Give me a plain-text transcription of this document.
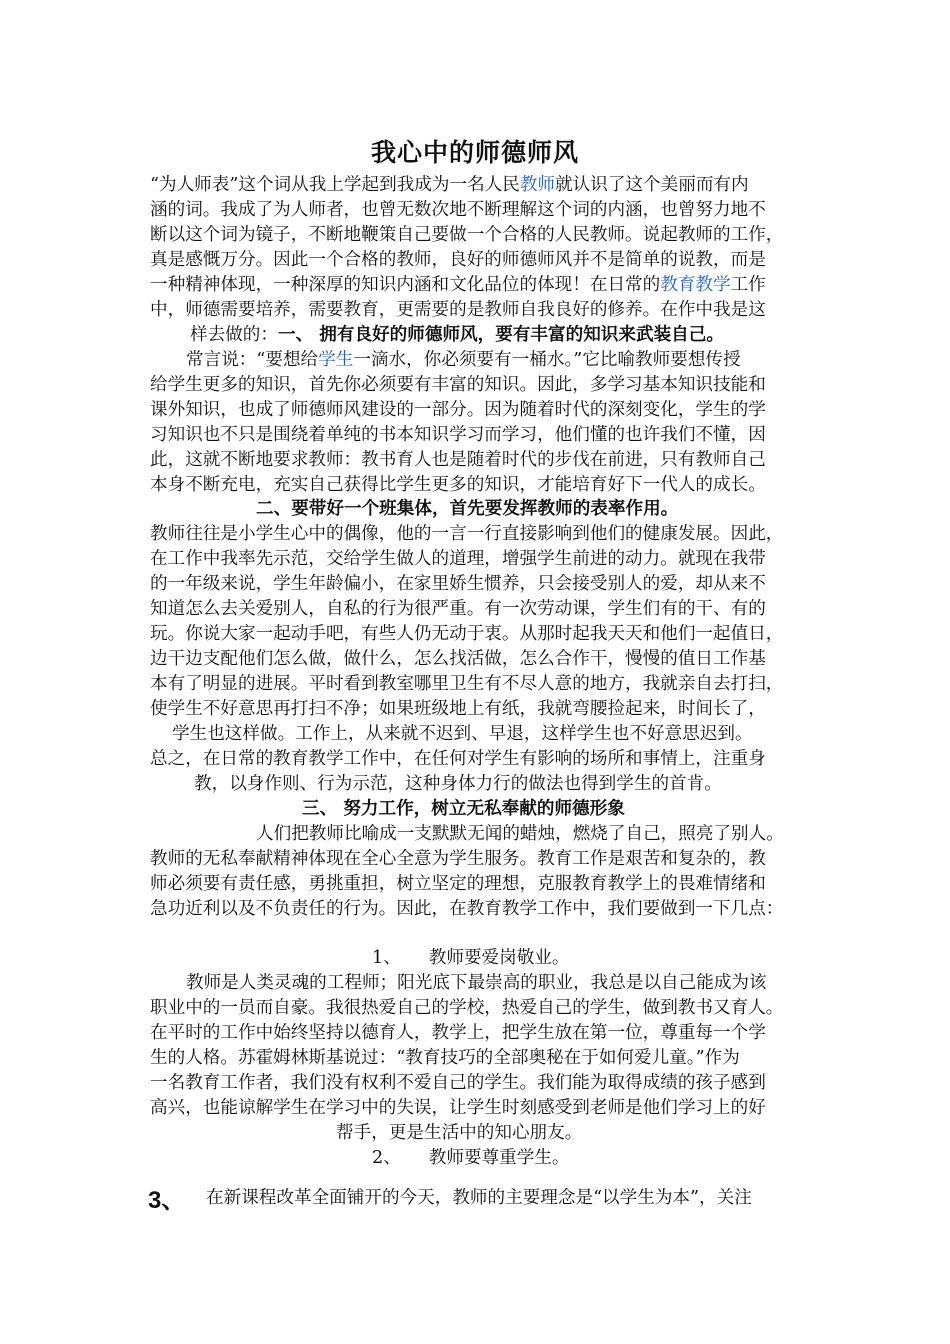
我心中的师德师风
“为人师表”这个词从我上学起到我成为一名人民教师就认识了这个美丽而有内
涵的词。我成了为人师者，也曾无数次地不断理解这个词的内涵，也曾努力地不
断以这个词为镜子，不断地鞭策自己要做一个合格的人民教师。说起教师的工作，
真是感慨万分。因此一个合格的教师，良好的师德师风并不是简单的说教，而是
一种精神体现，一种深厚的知识内涵和文化品位的体现！在日常的教育教学工作
中，师德需要培养，需要教育，更需要的是教师自我良好的修养。在作中我是这
样去做的：一、 拥有良好的师德师风，要有丰富的知识来武装自己。
常言说：“要想给学生一滴水，你必须要有一桶水。”它比喻教师要想传授
给学生更多的知识，首先你必须要有丰富的知识。因此，多学习基本知识技能和
课外知识，也成了师德师风建设的一部分。因为随着时代的深刻变化，学生的学
习知识也不只是围绕着单纯的书本知识学习而学习，他们懂的也许我们不懂，因
此，这就不断地要求教师：教书育人也是随着时代的步伐在前进，只有教师自己
本身不断充电，充实自己获得比学生更多的知识，才能培育好下一代人的成长。
二、要带好一个班集体，首先要发挥教师的表率作用。
教师往往是小学生心中的偶像，他的一言一行直接影响到他们的健康发展。因此，
在工作中我率先示范，交给学生做人的道理，增强学生前进的动力。就现在我带
的一年级来说，学生年龄偏小，在家里娇生惯养，只会接受别人的爱，却从来不
知道怎么去关爱别人，自私的行为很严重。有一次劳动课，学生们有的干、有的
玩。你说大家一起动手吧，有些人仍无动于衷。从那时起我天天和他们一起值日，
边干边支配他们怎么做，做什么，怎么找活做，怎么合作干，慢慢的值日工作基
本有了明显的进展。平时看到教室哪里卫生有不尽人意的地方，我就亲自去打扫，
使学生不好意思再打扫不净；如果班级地上有纸，我就弯腰捡起来，时间长了，
学生也这样做。工作上，从来就不迟到、早退，这样学生也不好意思迟到。
总之，在日常的教育教学工作中，在任何对学生有影响的场所和事情上，注重身
教，以身作则、行为示范，这种身体力行的做法也得到学生的首肯。
三、 努力工作，树立无私奉献的师德形象
人们把教师比喻成一支默默无闻的蜡烛，燃烧了自己，照亮了别人。
教师的无私奉献精神体现在全心全意为学生服务。教育工作是艰苦和复杂的，教
师必须要有责任感，勇挑重担，树立坚定的理想，克服教育教学上的畏难情绪和
急功近利以及不负责任的行为。因此，在教育教学工作中，我们要做到一下几点：
1、     教师要爱岗敬业。
教师是人类灵魂的工程师；阳光底下最崇高的职业，我总是以自己能成为该
职业中的一员而自豪。我很热爱自己的学校，热爱自己的学生，做到教书又育人。
在平时的工作中始终坚持以德育人，教学上，把学生放在第一位，尊重每一个学
生的人格。苏霍姆林斯基说过：“教育技巧的全部奥秘在于如何爱儿童。”作为
一名教育工作者，我们没有权利不爱自己的学生。我们能为取得成绩的孩子感到
高兴，也能谅解学生在学习中的失误，让学生时刻感受到老师是他们学习上的好
帮手，更是生活中的知心朋友。
2、     教师要尊重学生。
3、 在新课程改革全面铺开的今天，教师的主要理念是“以学生为本”，关注
